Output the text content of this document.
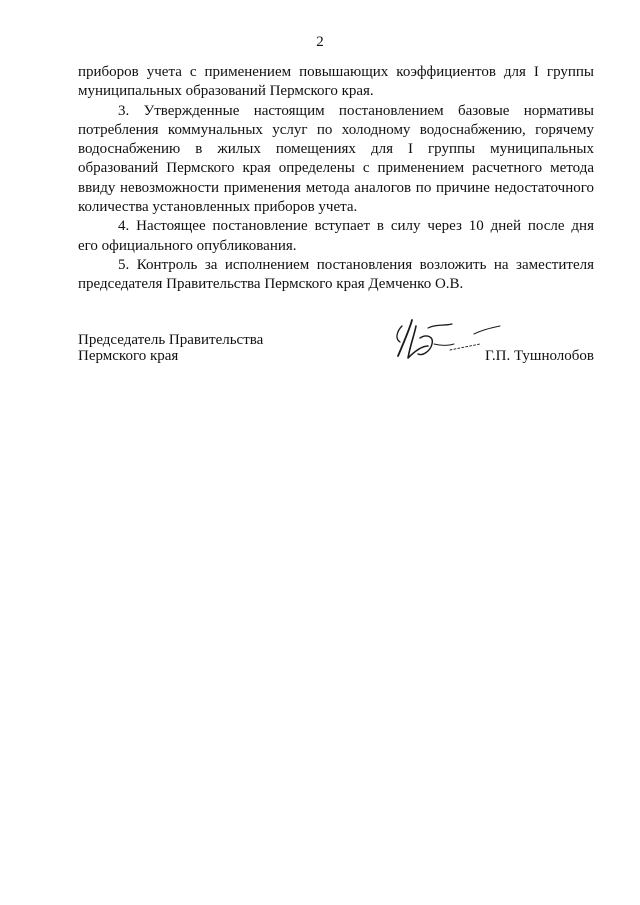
2

приборов учета с применением повышающих коэффициентов для I группы
муниципальных образований Пермского края.

3. Утвержденные настоящим постановлением базовые нормативы
потребления коммунальных услуг по холодному водоснабжению, горячему
водоснабжению в жилых помещениях для I группы муниципальных
образований Пермского края определены с применением расчетного метода
ввиду невозможности применения метода аналогов по причине недостаточного
количества установленных приборов учета.

4. Настоящее постановление вступает в силу через 10 дней после дня
его официального опубликования.

5. Контроль за исполнением постановления возложить на заместителя
председателя Правительства Пермского края Демченко О.В.

Председатель Правительства
Пермского края	Г.П. Тушнолобов
